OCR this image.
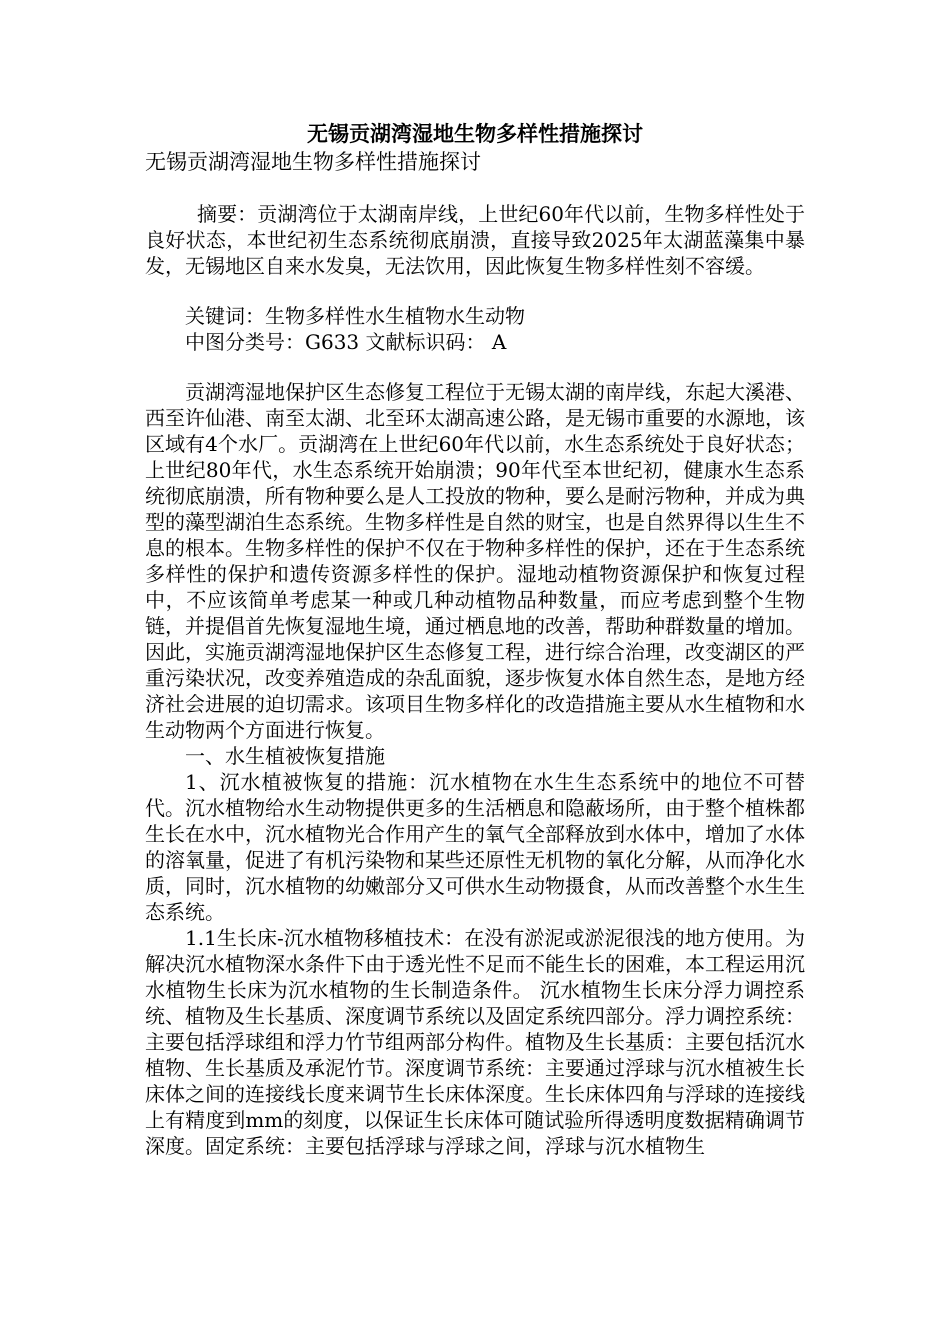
无锡贡湖湾湿地生物多样性措施探讨

无锡贡湖湾湿地生物多样性措施探讨

摘要：贡湖湾位于太湖南岸线，上世纪60年代以前，生物多样性处于良好状态，本世纪初生态系统彻底崩溃，直接导致2025年太湖蓝藻集中暴发，无锡地区自来水发臭，无法饮用，因此恢复生物多样性刻不容缓。

关键词：生物多样性水生植物水生动物

中图分类号：G633 文献标识码： A

贡湖湾湿地保护区生态修复工程位于无锡太湖的南岸线，东起大溪港、西至许仙港、南至太湖、北至环太湖高速公路，是无锡市重要的水源地，该区域有4个水厂。贡湖湾在上世纪60年代以前，水生态系统处于良好状态；上世纪80年代，水生态系统开始崩溃；90年代至本世纪初，健康水生态系统彻底崩溃，所有物种要么是人工投放的物种，要么是耐污物种，并成为典型的藻型湖泊生态系统。生物多样性是自然的财宝，也是自然界得以生生不息的根本。生物多样性的保护不仅在于物种多样性的保护，还在于生态系统多样性的保护和遗传资源多样性的保护。湿地动植物资源保护和恢复过程中，不应该简单考虑某一种或几种动植物品种数量，而应考虑到整个生物链，并提倡首先恢复湿地生境，通过栖息地的改善，帮助种群数量的增加。因此，实施贡湖湾湿地保护区生态修复工程，进行综合治理，改变湖区的严重污染状况，改变养殖造成的杂乱面貌，逐步恢复水体自然生态，是地方经济社会进展的迫切需求。该项目生物多样化的改造措施主要从水生植物和水生动物两个方面进行恢复。

一、水生植被恢复措施

1、沉水植被恢复的措施：沉水植物在水生生态系统中的地位不可替代。沉水植物给水生动物提供更多的生活栖息和隐蔽场所，由于整个植株都生长在水中，沉水植物光合作用产生的氧气全部释放到水体中，增加了水体的溶氧量，促进了有机污染物和某些还原性无机物的氧化分解，从而净化水质，同时，沉水植物的幼嫩部分又可供水生动物摄食，从而改善整个水生生态系统。

1.1生长床-沉水植物移植技术：在没有淤泥或淤泥很浅的地方使用。为解决沉水植物深水条件下由于透光性不足而不能生长的困难，本工程运用沉水植物生长床为沉水植物的生长制造条件。 沉水植物生长床分浮力调控系统、植物及生长基质、深度调节系统以及固定系统四部分。浮力调控系统：主要包括浮球组和浮力竹节组两部分构件。植物及生长基质：主要包括沉水植物、生长基质及承泥竹节。深度调节系统：主要通过浮球与沉水植被生长床体之间的连接线长度来调节生长床体深度。生长床体四角与浮球的连接线上有精度到mm的刻度，以保证生长床体可随试验所得透明度数据精确调节深度。固定系统：主要包括浮球与浮球之间，浮球与沉水植物生
